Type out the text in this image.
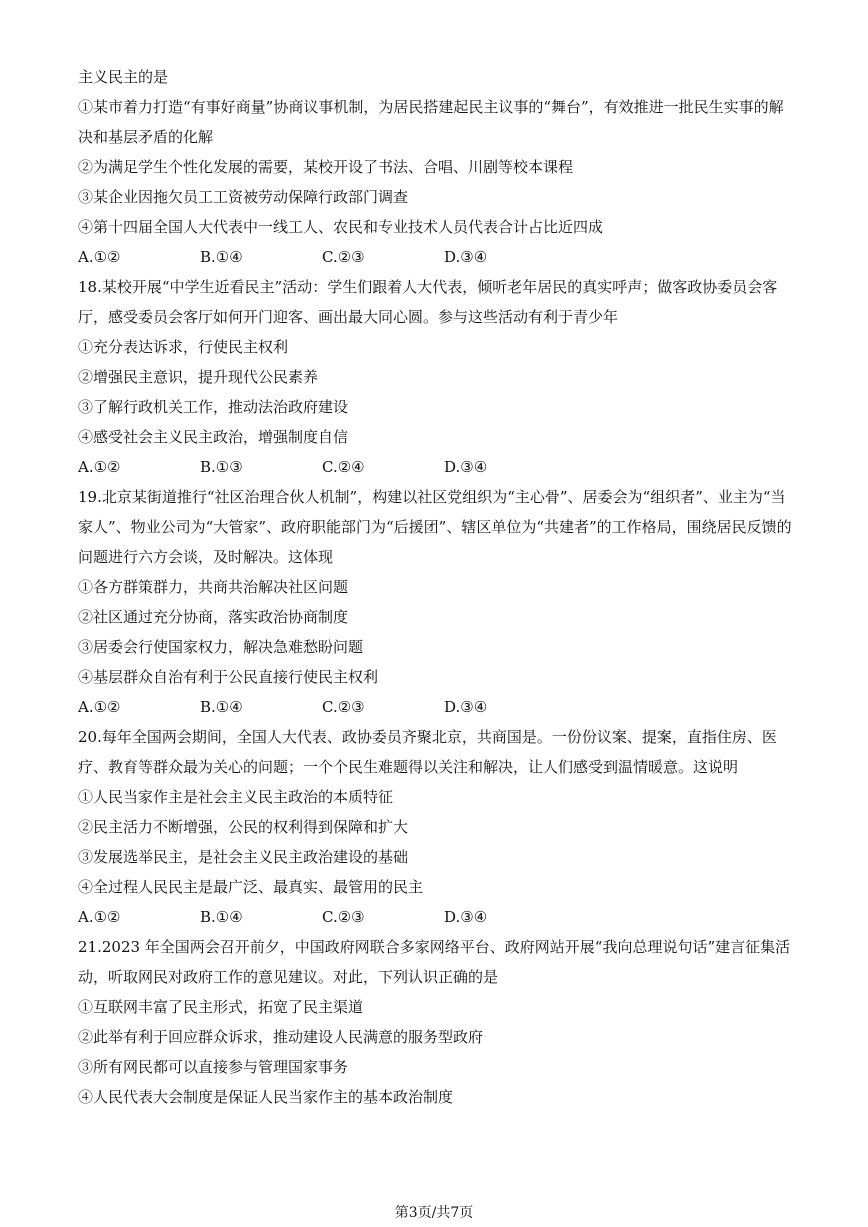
主义民主的是

①某市着力打造“有事好商量”协商议事机制，为居民搭建起民主议事的“舞台”，有效推进一批民生实事的解决和基层矛盾的化解

②为满足学生个性化发展的需要，某校开设了书法、合唱、川剧等校本课程
③某企业因拖欠员工工资被劳动保障行政部门调查
④第十四届全国人大代表中一线工人、农民和专业技术人员代表合计占比近四成
A.①②	B.①④	C.②③	D.③④

18.某校开展“中学生近看民主”活动：学生们跟着人大代表，倾听老年居民的真实呼声；做客政协委员会客厅，感受委员会客厅如何开门迎客、画出最大同心圆。参与这些活动有利于青少年

①充分表达诉求，行使民主权利
②增强民主意识，提升现代公民素养
③了解行政机关工作，推动法治政府建设
④感受社会主义民主政治，增强制度自信
A.①②	B.①③	C.②④	D.③④

19.北京某街道推行“社区治理合伙人机制”，构建以社区党组织为“主心骨”、居委会为“组织者”、业主为“当家人”、物业公司为“大管家”、政府职能部门为“后援团”、辖区单位为“共建者”的工作格局，围绕居民反馈的问题进行六方会谈，及时解决。这体现

①各方群策群力，共商共治解决社区问题
②社区通过充分协商，落实政治协商制度
③居委会行使国家权力，解决急难愁盼问题
④基层群众自治有利于公民直接行使民主权利
A.①②	B.①④	C.②③	D.③④

20.每年全国两会期间，全国人大代表、政协委员齐聚北京，共商国是。一份份议案、提案，直指住房、医疗、教育等群众最为关心的问题；一个个民生难题得以关注和解决，让人们感受到温情暖意。这说明

①人民当家作主是社会主义民主政治的本质特征
②民主活力不断增强，公民的权利得到保障和扩大
③发展选举民主，是社会主义民主政治建设的基础
④全过程人民民主是最广泛、最真实、最管用的民主
A.①②	B.①④	C.②③	D.③④

21.2023 年全国两会召开前夕，中国政府网联合多家网络平台、政府网站开展“我向总理说句话”建言征集活动，听取网民对政府工作的意见建议。对此，下列认识正确的是

①互联网丰富了民主形式，拓宽了民主渠道
②此举有利于回应群众诉求，推动建设人民满意的服务型政府
③所有网民都可以直接参与管理国家事务
④人民代表大会制度是保证人民当家作主的基本政治制度
第3页/共7页
